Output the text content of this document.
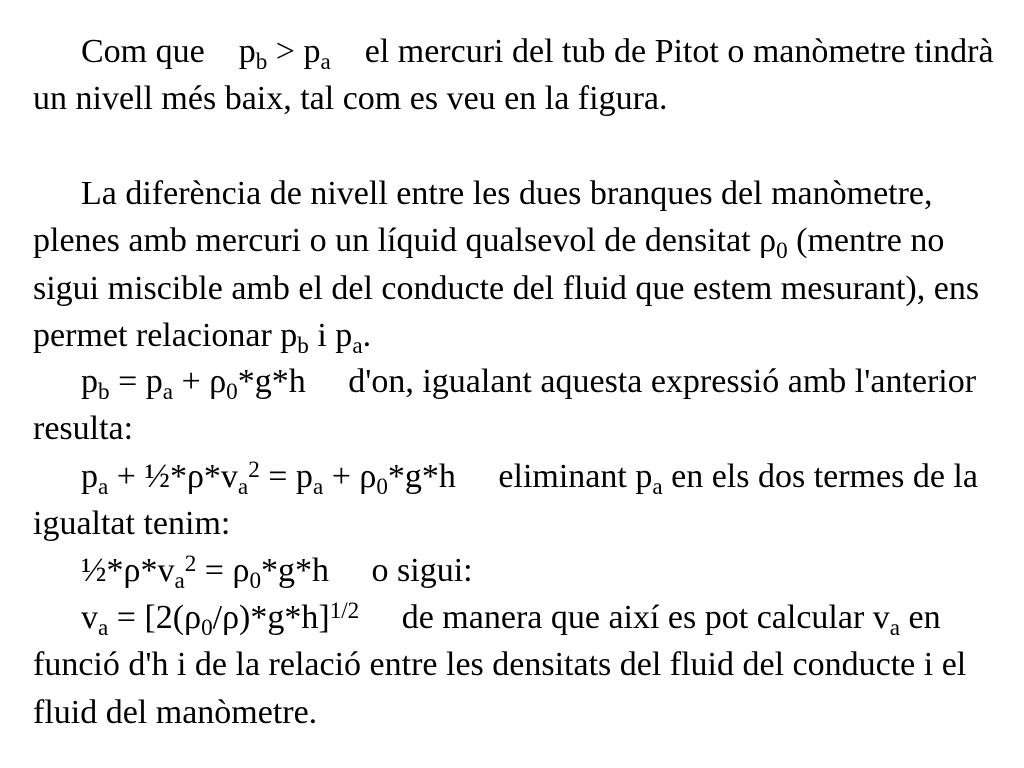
Com que    $p_b > p_a$    el mercuri del tub de Pitot o manòmetre tindrà un nivell més baix, tal com es veu en la figura.

La diferència de nivell entre les dues branques del manòmetre, plenes amb mercuri o un líquid qualsevol de densitat $\rho_0$ (mentre no sigui miscible amb el del conducte del fluid que estem mesurant), ens permet relacionar $p_b$ i $p_a$.

$p_b = p_a + \rho_0*g*h$     d'on, igualant aquesta expressió amb l'anterior resulta:

$p_a$ + $\frac{1}{2}*\rho*v_a^2 = p_a + \rho_0*g*h$     eliminant $p_a$ en els dos termes de la igualtat tenim:

$\frac{1}{2}*\rho*v_a^2 = \rho_0*g*h$     o sigui:

$v_a = [2(\rho_0/\rho)*g*h]^{1/2}$     de manera que així es pot calcular $v_a$ en funció d'h i de la relació entre les densitats del fluid del conducte i el fluid del manòmetre.
